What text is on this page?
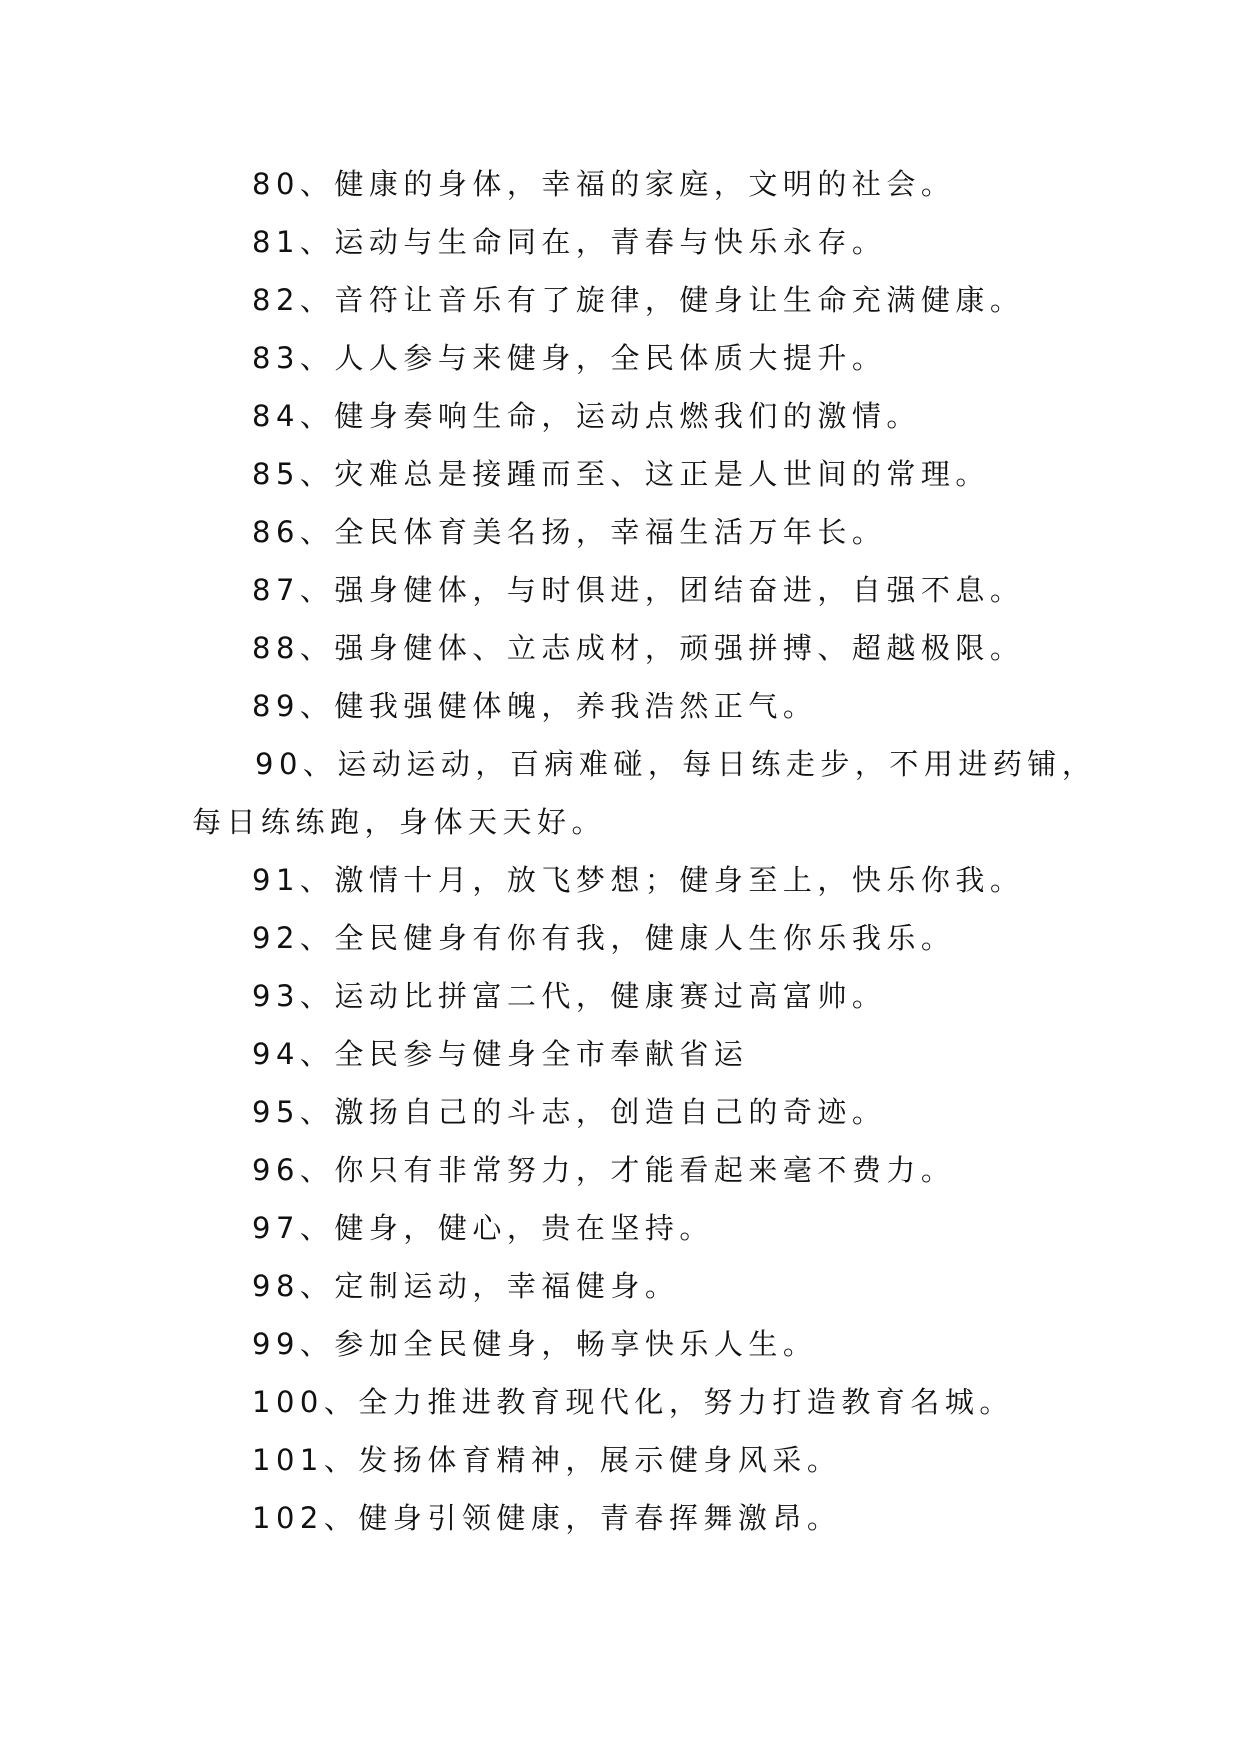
80、健康的身体，幸福的家庭，文明的社会。
81、运动与生命同在，青春与快乐永存。
82、音符让音乐有了旋律，健身让生命充满健康。
83、人人参与来健身，全民体质大提升。
84、健身奏响生命，运动点燃我们的激情。
85、灾难总是接踵而至、这正是人世间的常理。
86、全民体育美名扬，幸福生活万年长。
87、强身健体，与时俱进，团结奋进，自强不息。
88、强身健体、立志成材，顽强拼搏、超越极限。
89、健我强健体魄，养我浩然正气。
90、运动运动，百病难碰，每日练走步，不用进药铺，
每日练练跑，身体天天好。
91、激情十月，放飞梦想；健身至上，快乐你我。
92、全民健身有你有我，健康人生你乐我乐。
93、运动比拼富二代，健康赛过高富帅。
94、全民参与健身全市奉献省运
95、激扬自己的斗志，创造自己的奇迹。
96、你只有非常努力，才能看起来毫不费力。
97、健身，健心，贵在坚持。
98、定制运动，幸福健身。
99、参加全民健身，畅享快乐人生。
100、全力推进教育现代化，努力打造教育名城。
101、发扬体育精神，展示健身风采。
102、健身引领健康，青春挥舞激昂。
